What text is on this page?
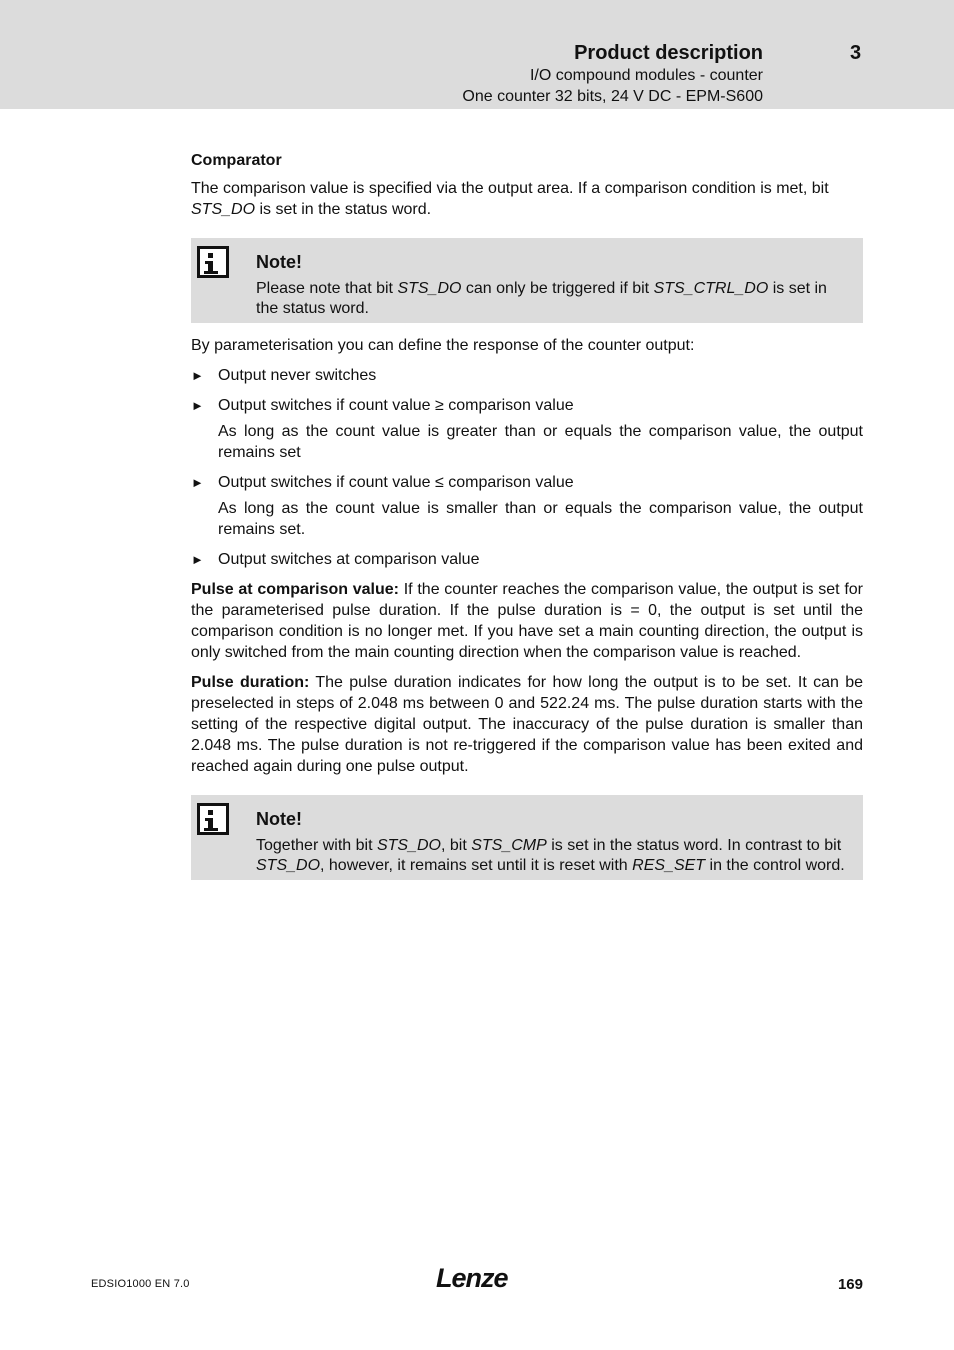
Product description	3
I/O compound modules - counter
One counter 32 bits, 24 V DC - EPM-S600
Comparator

The comparison value is specified via the output area. If a comparison condition is met, bit STS_DO is set in the status word.

Note!
Please note that bit STS_DO can only be triggered if bit STS_CTRL_DO is set in the status word.

By parameterisation you can define the response of the counter output:

► Output never switches
► Output switches if count value ≥ comparison value
As long as the count value is greater than or equals the comparison value, the output remains set
► Output switches if count value ≤ comparison value
As long as the count value is smaller than or equals the comparison value, the output remains set.
► Output switches at comparison value

Pulse at comparison value: If the counter reaches the comparison value, the output is set for the parameterised pulse duration. If the pulse duration is = 0, the output is set until the comparison condition is no longer met. If you have set a main counting direction, the output is only switched from the main counting direction when the comparison value is reached.

Pulse duration: The pulse duration indicates for how long the output is to be set. It can be preselected in steps of 2.048 ms between 0 and 522.24 ms. The pulse duration starts with the setting of the respective digital output. The inaccuracy of the pulse duration is smaller than 2.048 ms. The pulse duration is not re-triggered if the comparison value has been exited and reached again during one pulse output.

Note!
Together with bit STS_DO, bit STS_CMP is set in the status word. In contrast to bit STS_DO, however, it remains set until it is reset with RES_SET in the control word.
EDSIO1000 EN 7.0	Lenze	169
